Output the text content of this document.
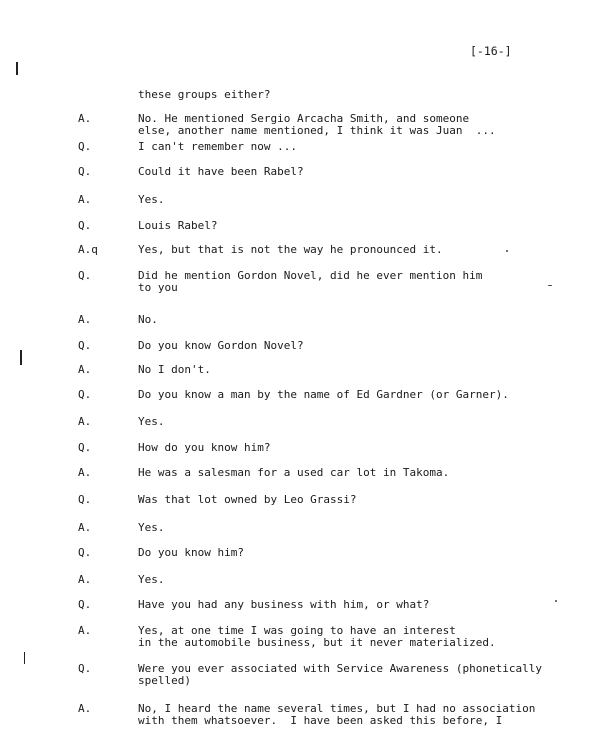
[-16-]
these groups either?
A.	No. He mentioned Sergio Arcacha Smith, and someone
else, another name mentioned, I think it was Juan  ...
Q.	I can't remember now ...
Q.	Could it have been Rabel?
A.	Yes.
Q.	Louis Rabel?
A.q	Yes, but that is not the way he pronounced it.
Q.	Did he mention Gordon Novel, did he ever mention him
to you
A.	No.
Q.	Do you know Gordon Novel?
A.	No I don't.
Q.	Do you know a man by the name of Ed Gardner (or Garner).
A.	Yes.
Q.	How do you know him?
A.	He was a salesman for a used car lot in Takoma.
Q.	Was that lot owned by Leo Grassi?
A.	Yes.
Q.	Do you know him?
A.	Yes.
Q.	Have you had any business with him, or what?
A.	Yes, at one time I was going to have an interest
in the automobile business, but it never materialized.
Q.	Were you ever associated with Service Awareness (phonetically
spelled)
A.	No, I heard the name several times, but I had no association
with them whatsoever.  I have been asked this before, I
